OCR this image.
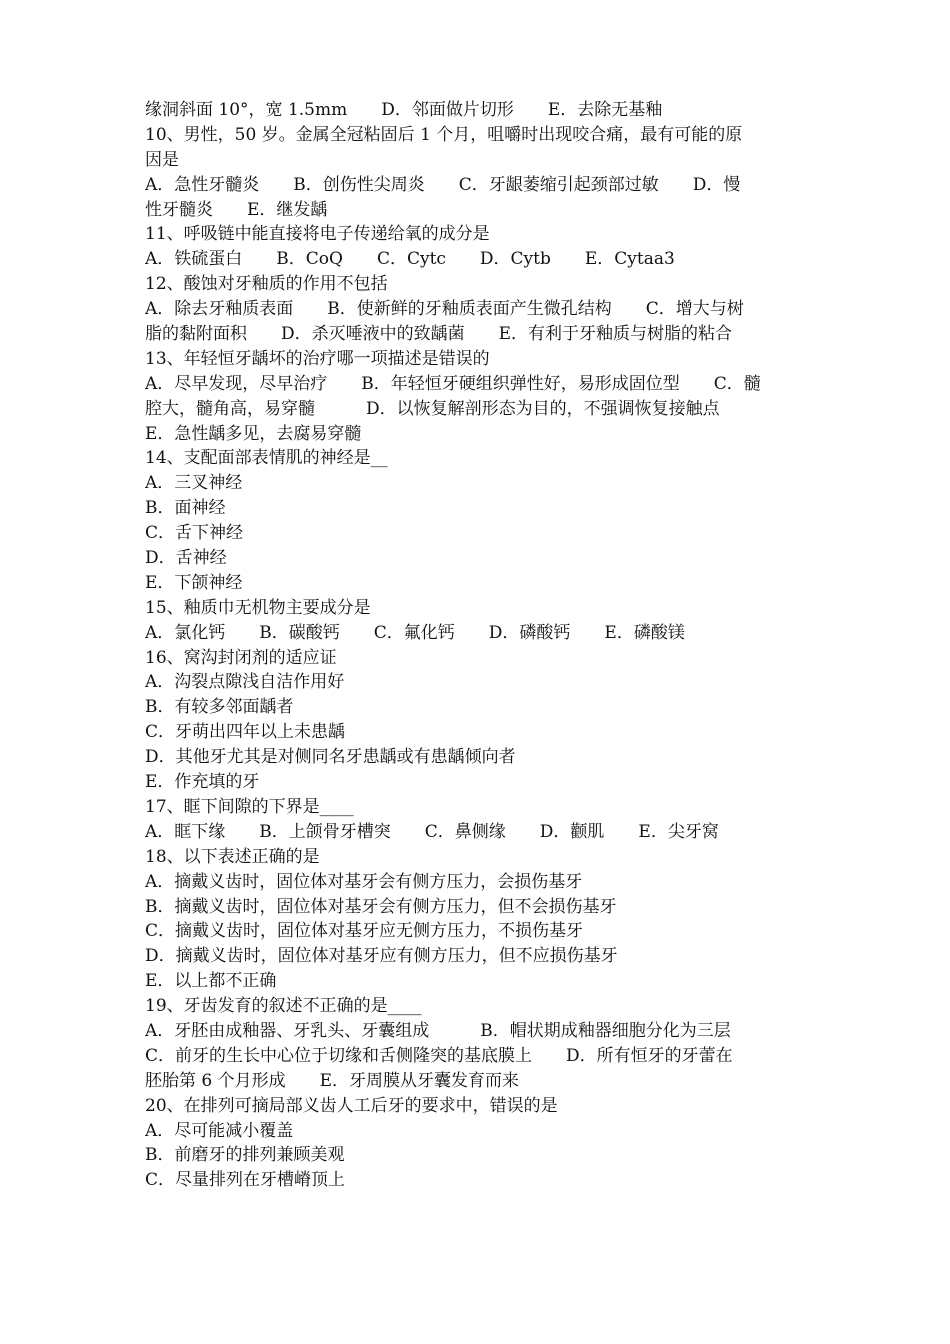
缘洞斜面 10°，宽 1.5mm　　D．邻面做片切形　　E．去除无基釉
10、男性，50 岁。金属全冠粘固后 1 个月，咀嚼时出现咬合痛，最有可能的原
因是
A．急性牙髓炎　　B．创伤性尖周炎　　C．牙龈萎缩引起颈部过敏　　D．慢
性牙髓炎　　E．继发龋
11、呼吸链中能直接将电子传递给氧的成分是
A．铁硫蛋白　　B．CoQ　　C．Cytc　　D．Cytb　　E．Cytaa3
12、酸蚀对牙釉质的作用不包括
A．除去牙釉质表面　　B．使新鲜的牙釉质表面产生微孔结构　　C．增大与树
脂的黏附面积　　D．杀灭唾液中的致龋菌　　E．有利于牙釉质与树脂的粘合
13、年轻恒牙龋坏的治疗哪一项描述是错误的
A．尽早发现，尽早治疗　　B．年轻恒牙硬组织弹性好，易形成固位型　　C．髓
腔大，髓角高，易穿髓　　　D．以恢复解剖形态为目的，不强调恢复接触点
E．急性龋多见，去腐易穿髓
14、支配面部表情肌的神经是__
A．三叉神经
B．面神经
C．舌下神经
D．舌神经
E．下颌神经
15、釉质巾无机物主要成分是
A．氯化钙　　B．碳酸钙　　C．氟化钙　　D．磷酸钙　　E．磷酸镁
16、窝沟封闭剂的适应证
A．沟裂点隙浅自洁作用好
B．有较多邻面龋者
C．牙萌出四年以上未患龋
D．其他牙尤其是对侧同名牙患龋或有患龋倾向者
E．作充填的牙
17、眶下间隙的下界是____
A．眶下缘　　B．上颌骨牙槽突　　C．鼻侧缘　　D．颧肌　　E．尖牙窝
18、以下表述正确的是
A．摘戴义齿时，固位体对基牙会有侧方压力，会损伤基牙
B．摘戴义齿时，固位体对基牙会有侧方压力，但不会损伤基牙
C．摘戴义齿时，固位体对基牙应无侧方压力，不损伤基牙
D．摘戴义齿时，固位体对基牙应有侧方压力，但不应损伤基牙
E．以上都不正确
19、牙齿发育的叙述不正确的是____
A．牙胚由成釉器、牙乳头、牙囊组成　　　B．帽状期成釉器细胞分化为三层
C．前牙的生长中心位于切缘和舌侧隆突的基底膜上　　D．所有恒牙的牙蕾在
胚胎第 6 个月形成　　E．牙周膜从牙囊发育而来
20、在排列可摘局部义齿人工后牙的要求中，错误的是
A．尽可能减小覆盖
B．前磨牙的排列兼顾美观
C．尽量排列在牙槽嵴顶上
